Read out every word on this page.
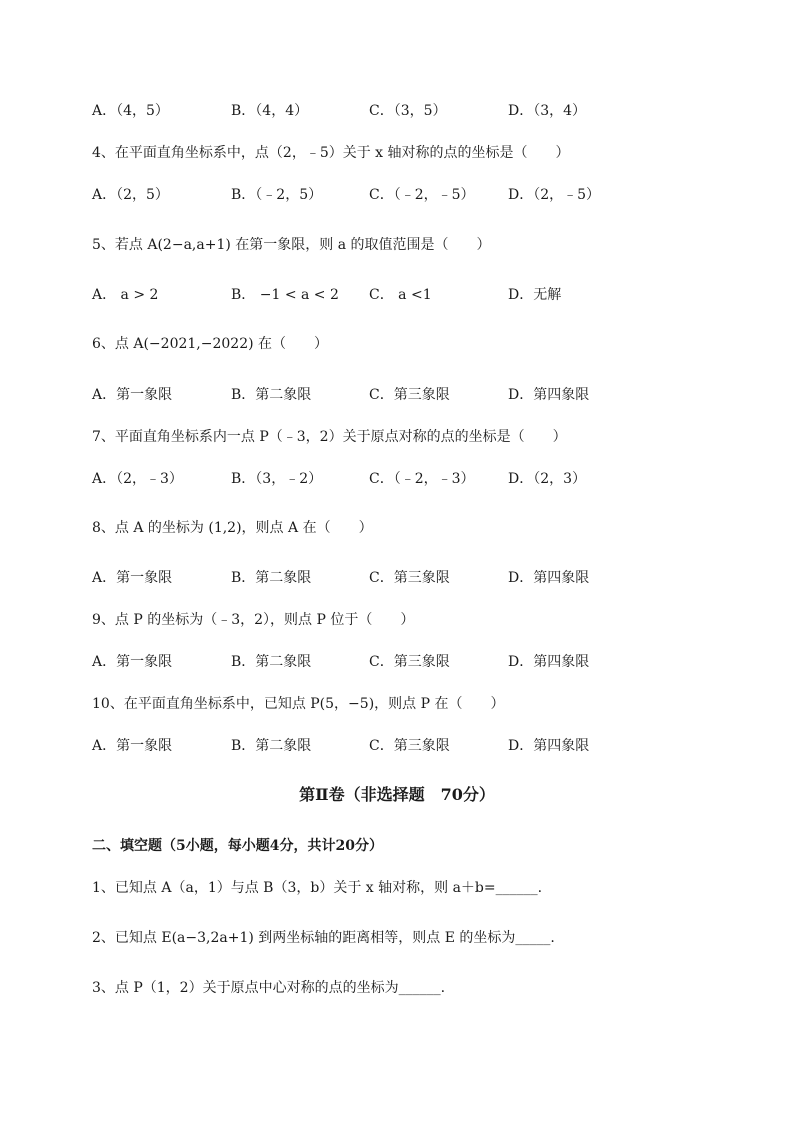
A．（4，5）	B．（4，4）	C．（3，5）	D．（3，4）
4、在平面直角坐标系中，点（2，﹣5）关于 x 轴对称的点的坐标是（　　）
A．（2，5）	B．（﹣2，5）	C．（﹣2，﹣5） D．（2，﹣5）
5、若点 A(2−a,a+1) 在第一象限，则 a 的取值范围是（　　）
A． a > 2	B． −1 < a < 2 C． a <1	D．无解
6、点 A(−2021,−2022) 在（　　）
A．第一象限	B．第二象限	C．第三象限	D．第四象限
7、平面直角坐标系内一点 P（﹣3，2）关于原点对称的点的坐标是（　　）
A．（2，﹣3）	B．（3，﹣2）	C．（﹣2，﹣3） D．（2，3）
8、点 A 的坐标为 (1,2)，则点 A 在（　　）
A．第一象限	B．第二象限	C．第三象限	D．第四象限
9、点 P 的坐标为（﹣3，2），则点 P 位于（　　）
A．第一象限	B．第二象限	C．第三象限	D．第四象限
10、在平面直角坐标系中，已知点 P(5，−5)，则点 P 在（　　）
A．第一象限	B．第二象限	C．第三象限	D．第四象限
第Ⅱ卷（非选择题　70分）
二、填空题（5小题，每小题4分，共计20分）
1、已知点 A（a，1）与点 B（3，b）关于 x 轴对称，则 a＋b=______.
2、已知点 E(a−3,2a+1) 到两坐标轴的距离相等，则点 E 的坐标为_____.
3、点 P（1，2）关于原点中心对称的点的坐标为______.
